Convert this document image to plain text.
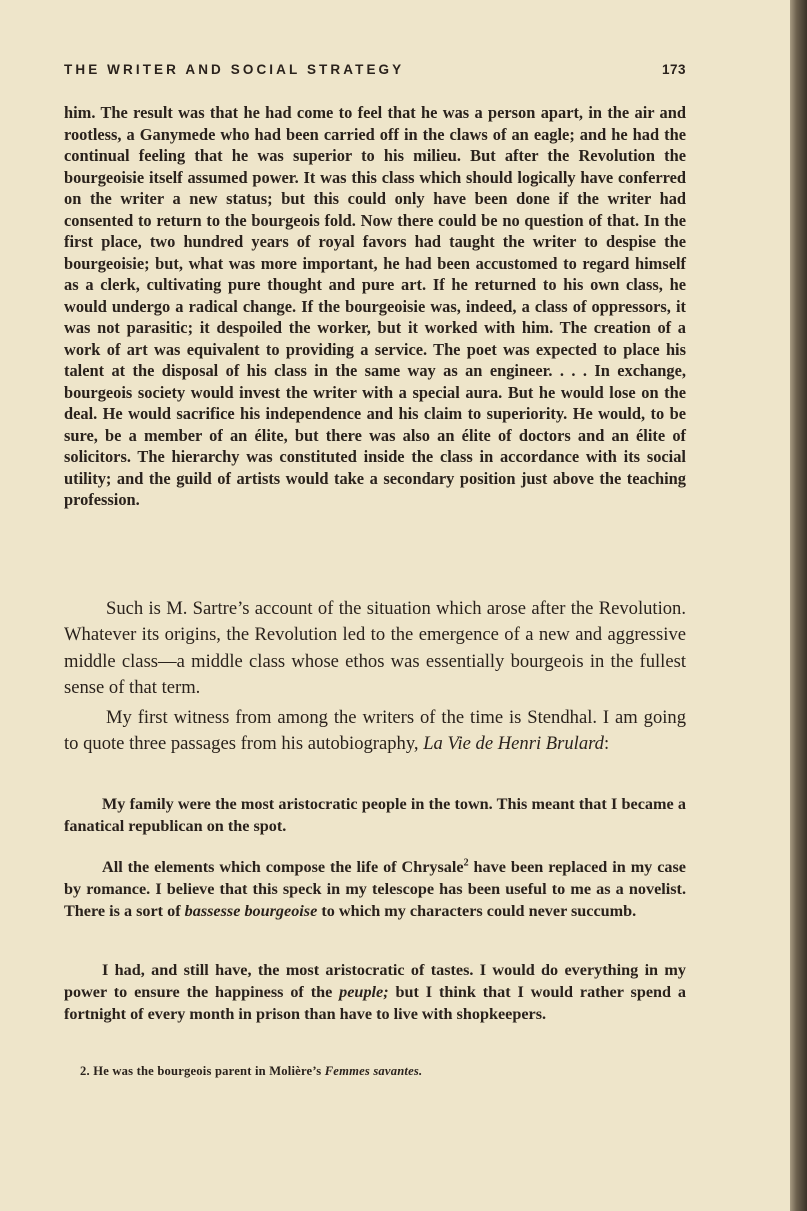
THE WRITER AND SOCIAL STRATEGY	173

him. The result was that he had come to feel that he was a person apart, in the air and rootless, a Ganymede who had been carried off in the claws of an eagle; and he had the continual feeling that he was superior to his milieu. But after the Revolution the bourgeoisie itself assumed power. It was this class which should logically have conferred on the writer a new status; but this could only have been done if the writer had consented to return to the bourgeois fold. Now there could be no question of that. In the first place, two hundred years of royal favors had taught the writer to despise the bourgeoisie; but, what was more important, he had been accustomed to regard himself as a clerk, cultivating pure thought and pure art. If he returned to his own class, he would undergo a radical change. If the bourgeoisie was, indeed, a class of oppressors, it was not parasitic; it despoiled the worker, but it worked with him. The creation of a work of art was equivalent to providing a service. The poet was expected to place his talent at the disposal of his class in the same way as an engineer. . . . In exchange, bourgeois society would invest the writer with a special aura. But he would lose on the deal. He would sacrifice his independence and his claim to superiority. He would, to be sure, be a member of an élite, but there was also an élite of doctors and an élite of solicitors. The hierarchy was constituted inside the class in accordance with its social utility; and the guild of artists would take a secondary position just above the teaching profession.

Such is M. Sartre’s account of the situation which arose after the Revolution. Whatever its origins, the Revolution led to the emergence of a new and aggressive middle class—a middle class whose ethos was essentially bourgeois in the fullest sense of that term.

My first witness from among the writers of the time is Stendhal. I am going to quote three passages from his autobiography, La Vie de Henri Brulard:

My family were the most aristocratic people in the town. This meant that I became a fanatical republican on the spot.

All the elements which compose the life of Chrysale$^2$ have been replaced in my case by romance. I believe that this speck in my telescope has been useful to me as a novelist. There is a sort of bassesse bourgeoise to which my characters could never succumb.

I had, and still have, the most aristocratic of tastes. I would do everything in my power to ensure the happiness of the peuple; but I think that I would rather spend a fortnight of every month in prison than have to live with shopkeepers.

2. He was the bourgeois parent in Molière’s Femmes savantes.
